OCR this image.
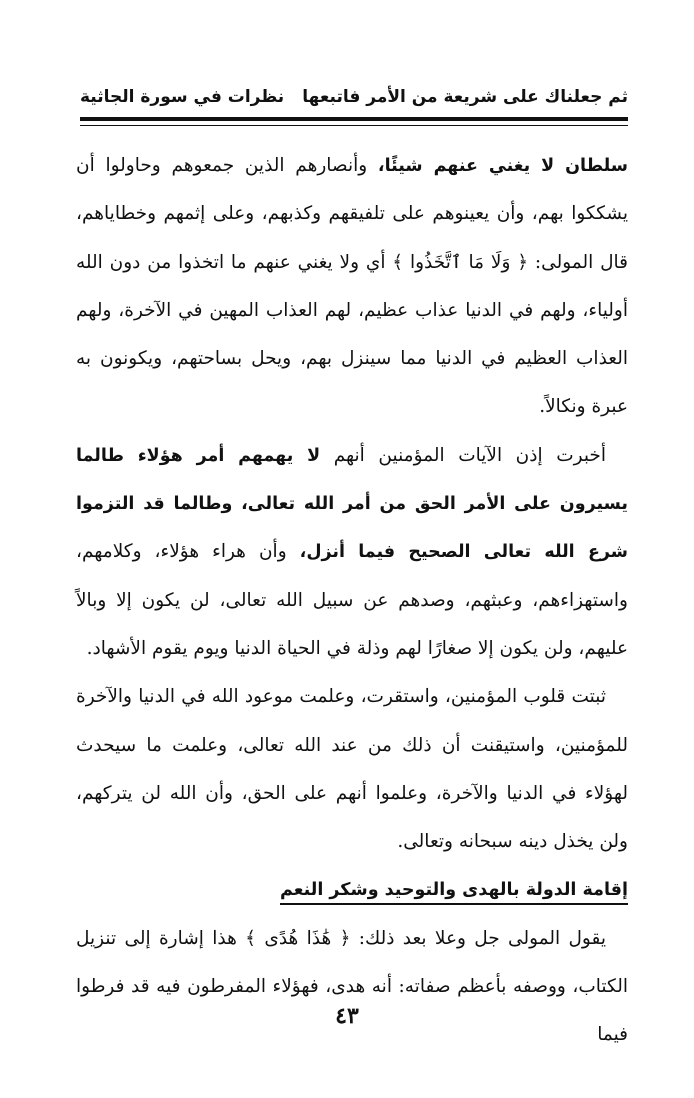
ثم جعلناك على شريعة من الأمر فاتبعها
نظرات في سورة الجاثية

سلطان لا يغني عنهم شيئًا، وأنصارهم الذين جمعوهم وحاولوا أن يشككوا بهم، وأن يعينوهم على تلفيقهم وكذبهم، وعلى إثمهم وخطاياهم، قال المولى: ﴿ وَلَا مَا ٱتَّخَذُوا ﴾ أي ولا يغني عنهم ما اتخذوا من دون الله أولياء، ولهم في الدنيا عذاب عظيم، لهم العذاب المهين في الآخرة، ولهم العذاب العظيم في الدنيا مما سينزل بهم، ويحل بساحتهم، ويكونون به عبرة ونكالاً.

أخبرت إذن الآيات المؤمنين أنهم لا يهمهم أمر هؤلاء طالما يسيرون على الأمر الحق من أمر الله تعالى، وطالما قد التزموا شرع الله تعالى الصحيح فيما أنزل، وأن هراء هؤلاء، وكلامهم، واستهزاءهم، وعبثهم، وصدهم عن سبيل الله تعالى، لن يكون إلا وبالاً عليهم، ولن يكون إلا صغارًا لهم وذلة في الحياة الدنيا ويوم يقوم الأشهاد.

ثبتت قلوب المؤمنين، واستقرت، وعلمت موعود الله في الدنيا والآخرة للمؤمنين، واستيقنت أن ذلك من عند الله تعالى، وعلمت ما سيحدث لهؤلاء في الدنيا والآخرة، وعلموا أنهم على الحق، وأن الله لن يتركهم، ولن يخذل دينه سبحانه وتعالى.

إقامة الدولة بالهدى والتوحيد وشكر النعم

يقول المولى جل وعلا بعد ذلك: ﴿ هَٰذَا هُدًى ﴾ هذا إشارة إلى تنزيل الكتاب، ووصفه بأعظم صفاته: أنه هدى، فهؤلاء المفرطون فيه قد فرطوا فيما

٤٣
